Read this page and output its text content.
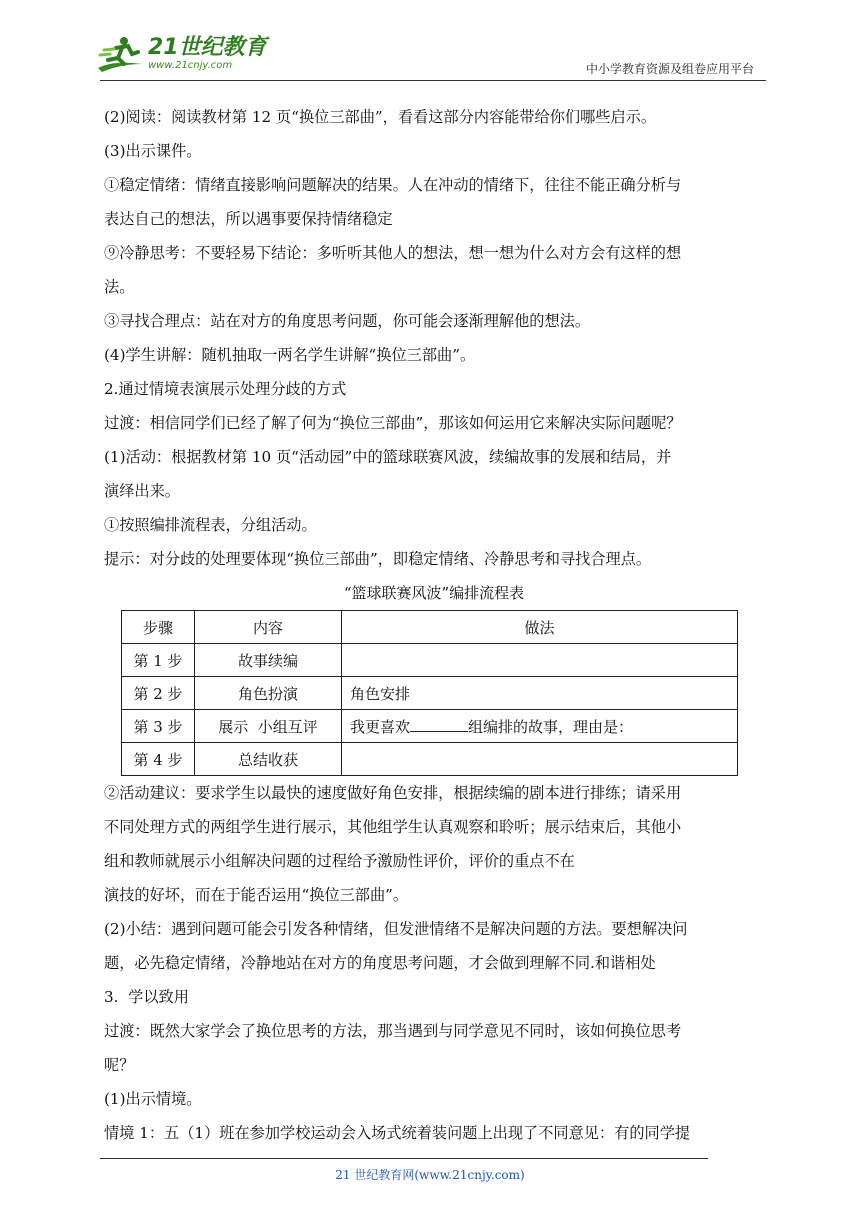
21世纪教育
www.21cnjy.com	中小学教育资源及组卷应用平台

(2)阅读：阅读教材第 12 页“换位三部曲”，看看这部分内容能带给你们哪些启示。

(3)出示课件。

①稳定情绪：情绪直接影响问题解决的结果。人在冲动的情绪下，往往不能正确分析与

表达自己的想法，所以遇事要保持情绪稳定

⑨冷静思考：不要轻易下结论：多听听其他人的想法，想一想为什么对方会有这样的想

法。

③寻找合理点：站在对方的角度思考问题，你可能会逐渐理解他的想法。

(4)学生讲解：随机抽取一两名学生讲解“换位三部曲”。

2.通过情境表演展示处理分歧的方式

过渡：相信同学们已经了解了何为“换位三部曲”，那该如何运用它来解决实际问题呢？

(1)活动：根据教材第 10 页“活动园”中的篮球联赛风波，续编故事的发展和结局，并

演绎出来。

①按照编排流程表，分组活动。

提示：对分歧的处理要体现“换位三部曲”，即稳定情绪、冷静思考和寻找合理点。

“篮球联赛风波”编排流程表

步骤	内容	做法
第 1 步	故事续编	
第 2 步	角色扮演	角色安排
第 3 步	展示  小组互评	我更喜欢 组编排的故事，理由是：
第 4 步	总结收获	

②活动建议：要求学生以最快的速度做好角色安排，根据续编的剧本进行排练；请采用

不同处理方式的两组学生进行展示，其他组学生认真观察和聆听；展示结束后，其他小

组和教师就展示小组解决问题的过程给予激励性评价，评价的重点不在

演技的好坏，而在于能否运用“换位三部曲”。

(2)小结：遇到问题可能会引发各种情绪，但发泄情绪不是解决问题的方法。要想解决问

题，必先稳定情绪，冷静地站在对方的角度思考问题，才会做到理解不同.和谐相处

3.  学以致用

过渡：既然大家学会了换位思考的方法，那当遇到与同学意见不同时，该如何换位思考

呢？

(1)出示情境。

情境 1：五（1）班在参加学校运动会入场式统着装问题上出现了不同意见：有的同学提

21 世纪教育网(www.21cnjy.com)
